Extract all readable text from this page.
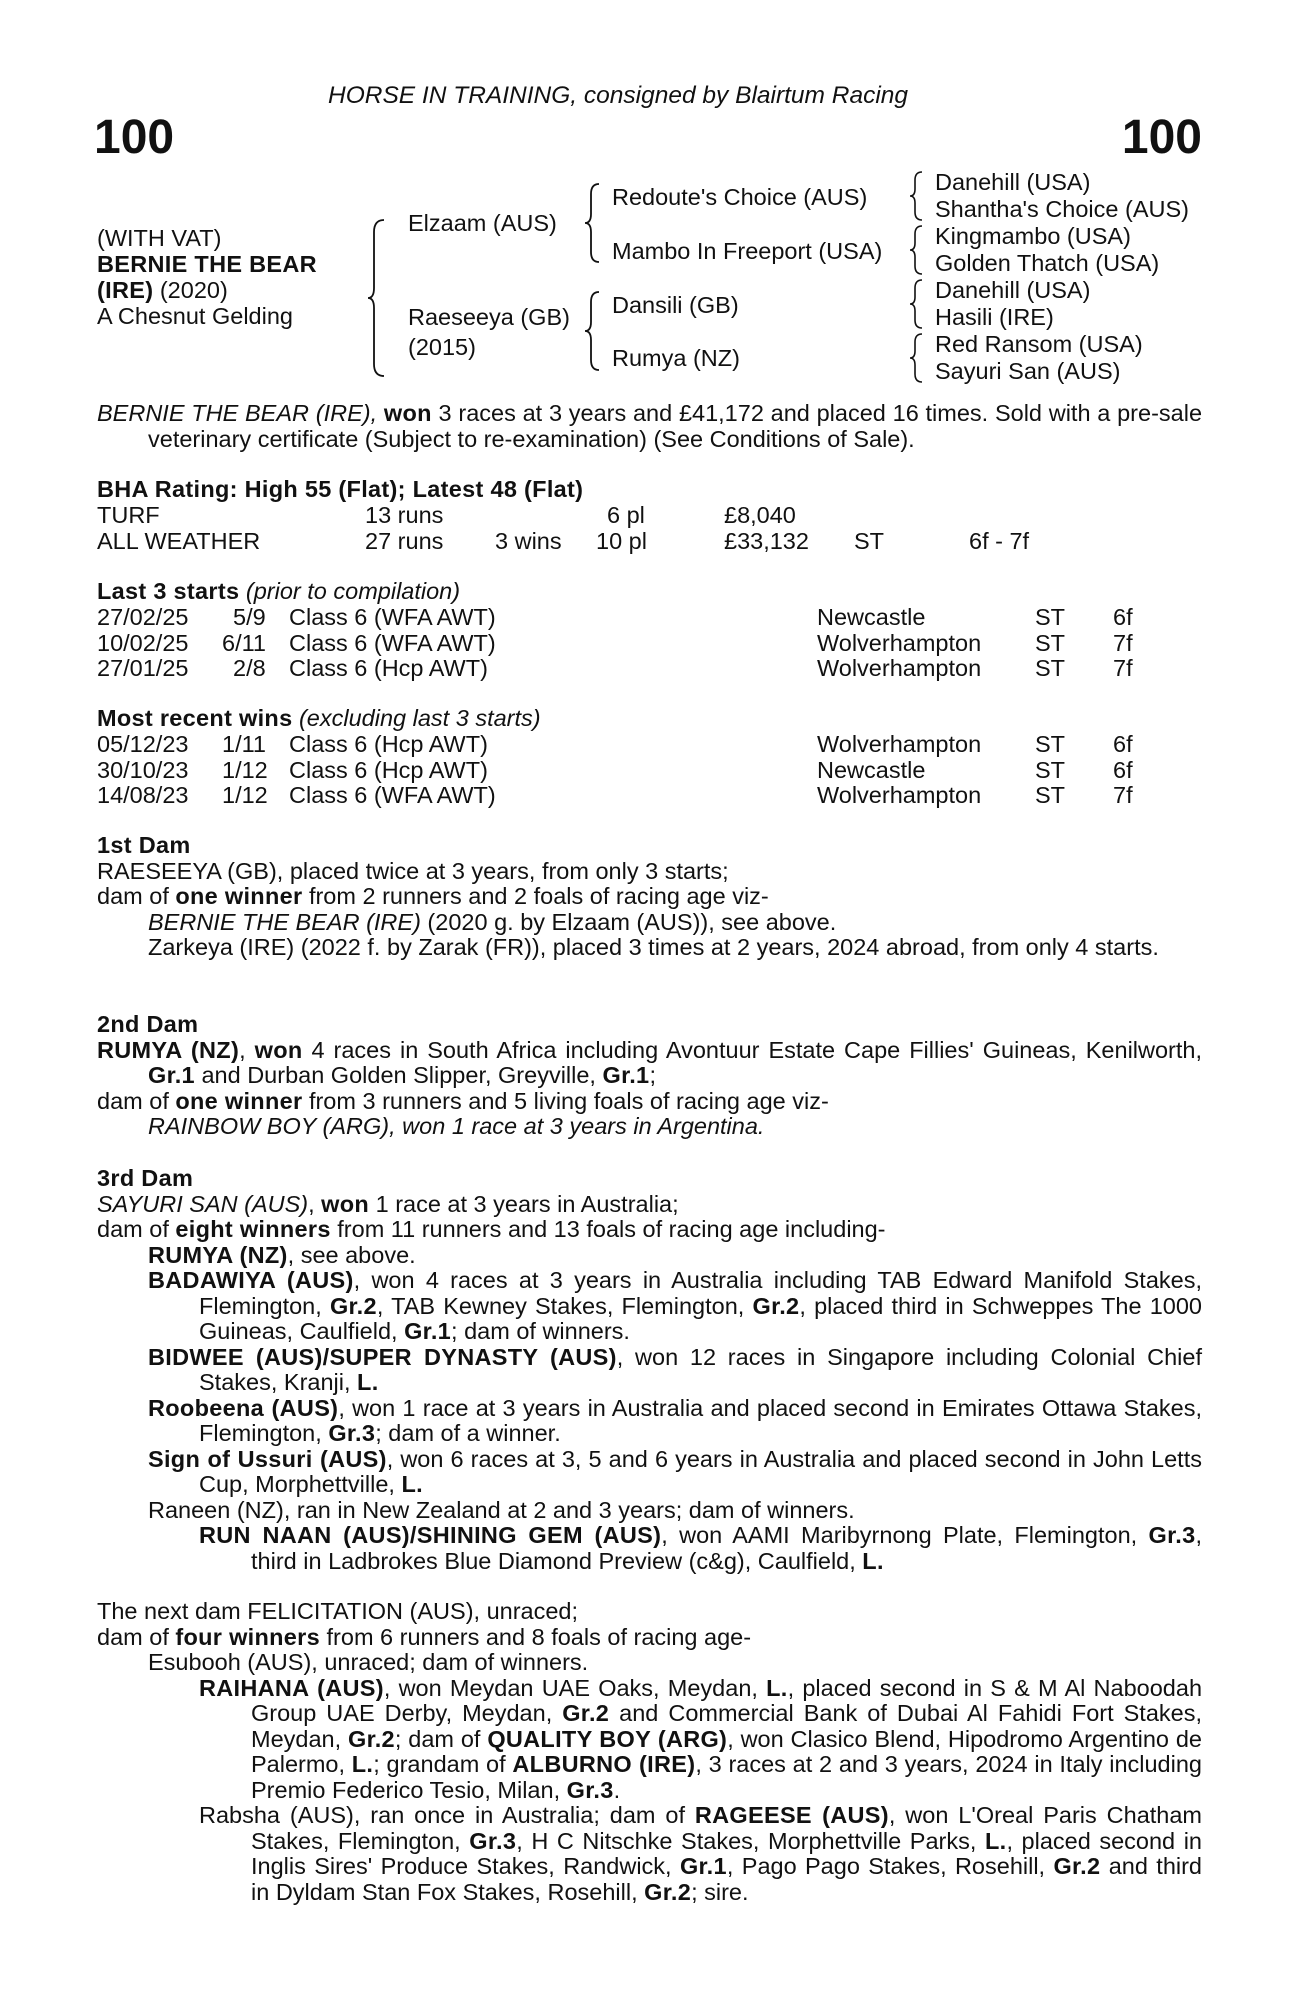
HORSE IN TRAINING, consigned by Blairtum Racing
100	100
(WITH VAT)
BERNIE THE BEAR
(IRE) (2020)
A Chesnut Gelding
Elzaam (AUS)
Raeseeya (GB)
(2015)
Redoute's Choice (AUS)
Mambo In Freeport (USA)
Dansili (GB)
Rumya (NZ)
Danehill (USA)
Shantha's Choice (AUS)
Kingmambo (USA)
Golden Thatch (USA)
Danehill (USA)
Hasili (IRE)
Red Ransom (USA)
Sayuri San (AUS)

BERNIE THE BEAR (IRE), won 3 races at 3 years and £41,172 and placed 16 times. Sold with a pre-sale veterinary certificate (Subject to re-examination) (See Conditions of Sale).

BHA Rating: High 55 (Flat); Latest 48 (Flat)
TURF	13 runs	6 pl	£8,040
ALL WEATHER	27 runs 3 wins 10 pl	£33,132 ST	6f - 7f
Last 3 starts (prior to compilation)
27/02/25 5/9 Class 6 (WFA AWT)	Newcastle	ST 6f
10/02/25 6/11 Class 6 (WFA AWT)	Wolverhampton ST 7f
27/01/25 2/8 Class 6 (Hcp AWT)	Wolverhampton ST 7f
Most recent wins (excluding last 3 starts)
05/12/23 1/11 Class 6 (Hcp AWT)	Wolverhampton ST 6f
30/10/23 1/12 Class 6 (Hcp AWT)	Newcastle	ST 6f
14/08/23 1/12 Class 6 (WFA AWT)	Wolverhampton ST 7f

1st Dam

RAESEEYA (GB), placed twice at 3 years, from only 3 starts;

dam of one winner from 2 runners and 2 foals of racing age viz-

BERNIE THE BEAR (IRE) (2020 g. by Elzaam (AUS)), see above.

Zarkeya (IRE) (2022 f. by Zarak (FR)), placed 3 times at 2 years, 2024 abroad, from only 4 starts.

2nd Dam

RUMYA (NZ), won 4 races in South Africa including Avontuur Estate Cape Fillies' Guineas, Kenilworth, Gr.1 and Durban Golden Slipper, Greyville, Gr.1;

dam of one winner from 3 runners and 5 living foals of racing age viz-

RAINBOW BOY (ARG), won 1 race at 3 years in Argentina.

3rd Dam

SAYURI SAN (AUS), won 1 race at 3 years in Australia;

dam of eight winners from 11 runners and 13 foals of racing age including-

RUMYA (NZ), see above.

BADAWIYA (AUS), won 4 races at 3 years in Australia including TAB Edward Manifold Stakes, Flemington, Gr.2, TAB Kewney Stakes, Flemington, Gr.2, placed third in Schweppes The 1000 Guineas, Caulfield, Gr.1; dam of winners.

BIDWEE (AUS)/SUPER DYNASTY (AUS), won 12 races in Singapore including Colonial Chief Stakes, Kranji, L.

Roobeena (AUS), won 1 race at 3 years in Australia and placed second in Emirates Ottawa Stakes, Flemington, Gr.3; dam of a winner.

Sign of Ussuri (AUS), won 6 races at 3, 5 and 6 years in Australia and placed second in John Letts Cup, Morphettville, L.

Raneen (NZ), ran in New Zealand at 2 and 3 years; dam of winners.

RUN NAAN (AUS)/SHINING GEM (AUS), won AAMI Maribyrnong Plate, Flemington, Gr.3, third in Ladbrokes Blue Diamond Preview (c&g), Caulfield, L.

The next dam FELICITATION (AUS), unraced;

dam of four winners from 6 runners and 8 foals of racing age-

Esubooh (AUS), unraced; dam of winners.

RAIHANA (AUS), won Meydan UAE Oaks, Meydan, L., placed second in S & M Al Naboodah Group UAE Derby, Meydan, Gr.2 and Commercial Bank of Dubai Al Fahidi Fort Stakes, Meydan, Gr.2; dam of QUALITY BOY (ARG), won Clasico Blend, Hipodromo Argentino de Palermo, L.; grandam of ALBURNO (IRE), 3 races at 2 and 3 years, 2024 in Italy including Premio Federico Tesio, Milan, Gr.3.

Rabsha (AUS), ran once in Australia; dam of RAGEESE (AUS), won L'Oreal Paris Chatham Stakes, Flemington, Gr.3, H C Nitschke Stakes, Morphettville Parks, L., placed second in Inglis Sires' Produce Stakes, Randwick, Gr.1, Pago Pago Stakes, Rosehill, Gr.2 and third in Dyldam Stan Fox Stakes, Rosehill, Gr.2; sire.
